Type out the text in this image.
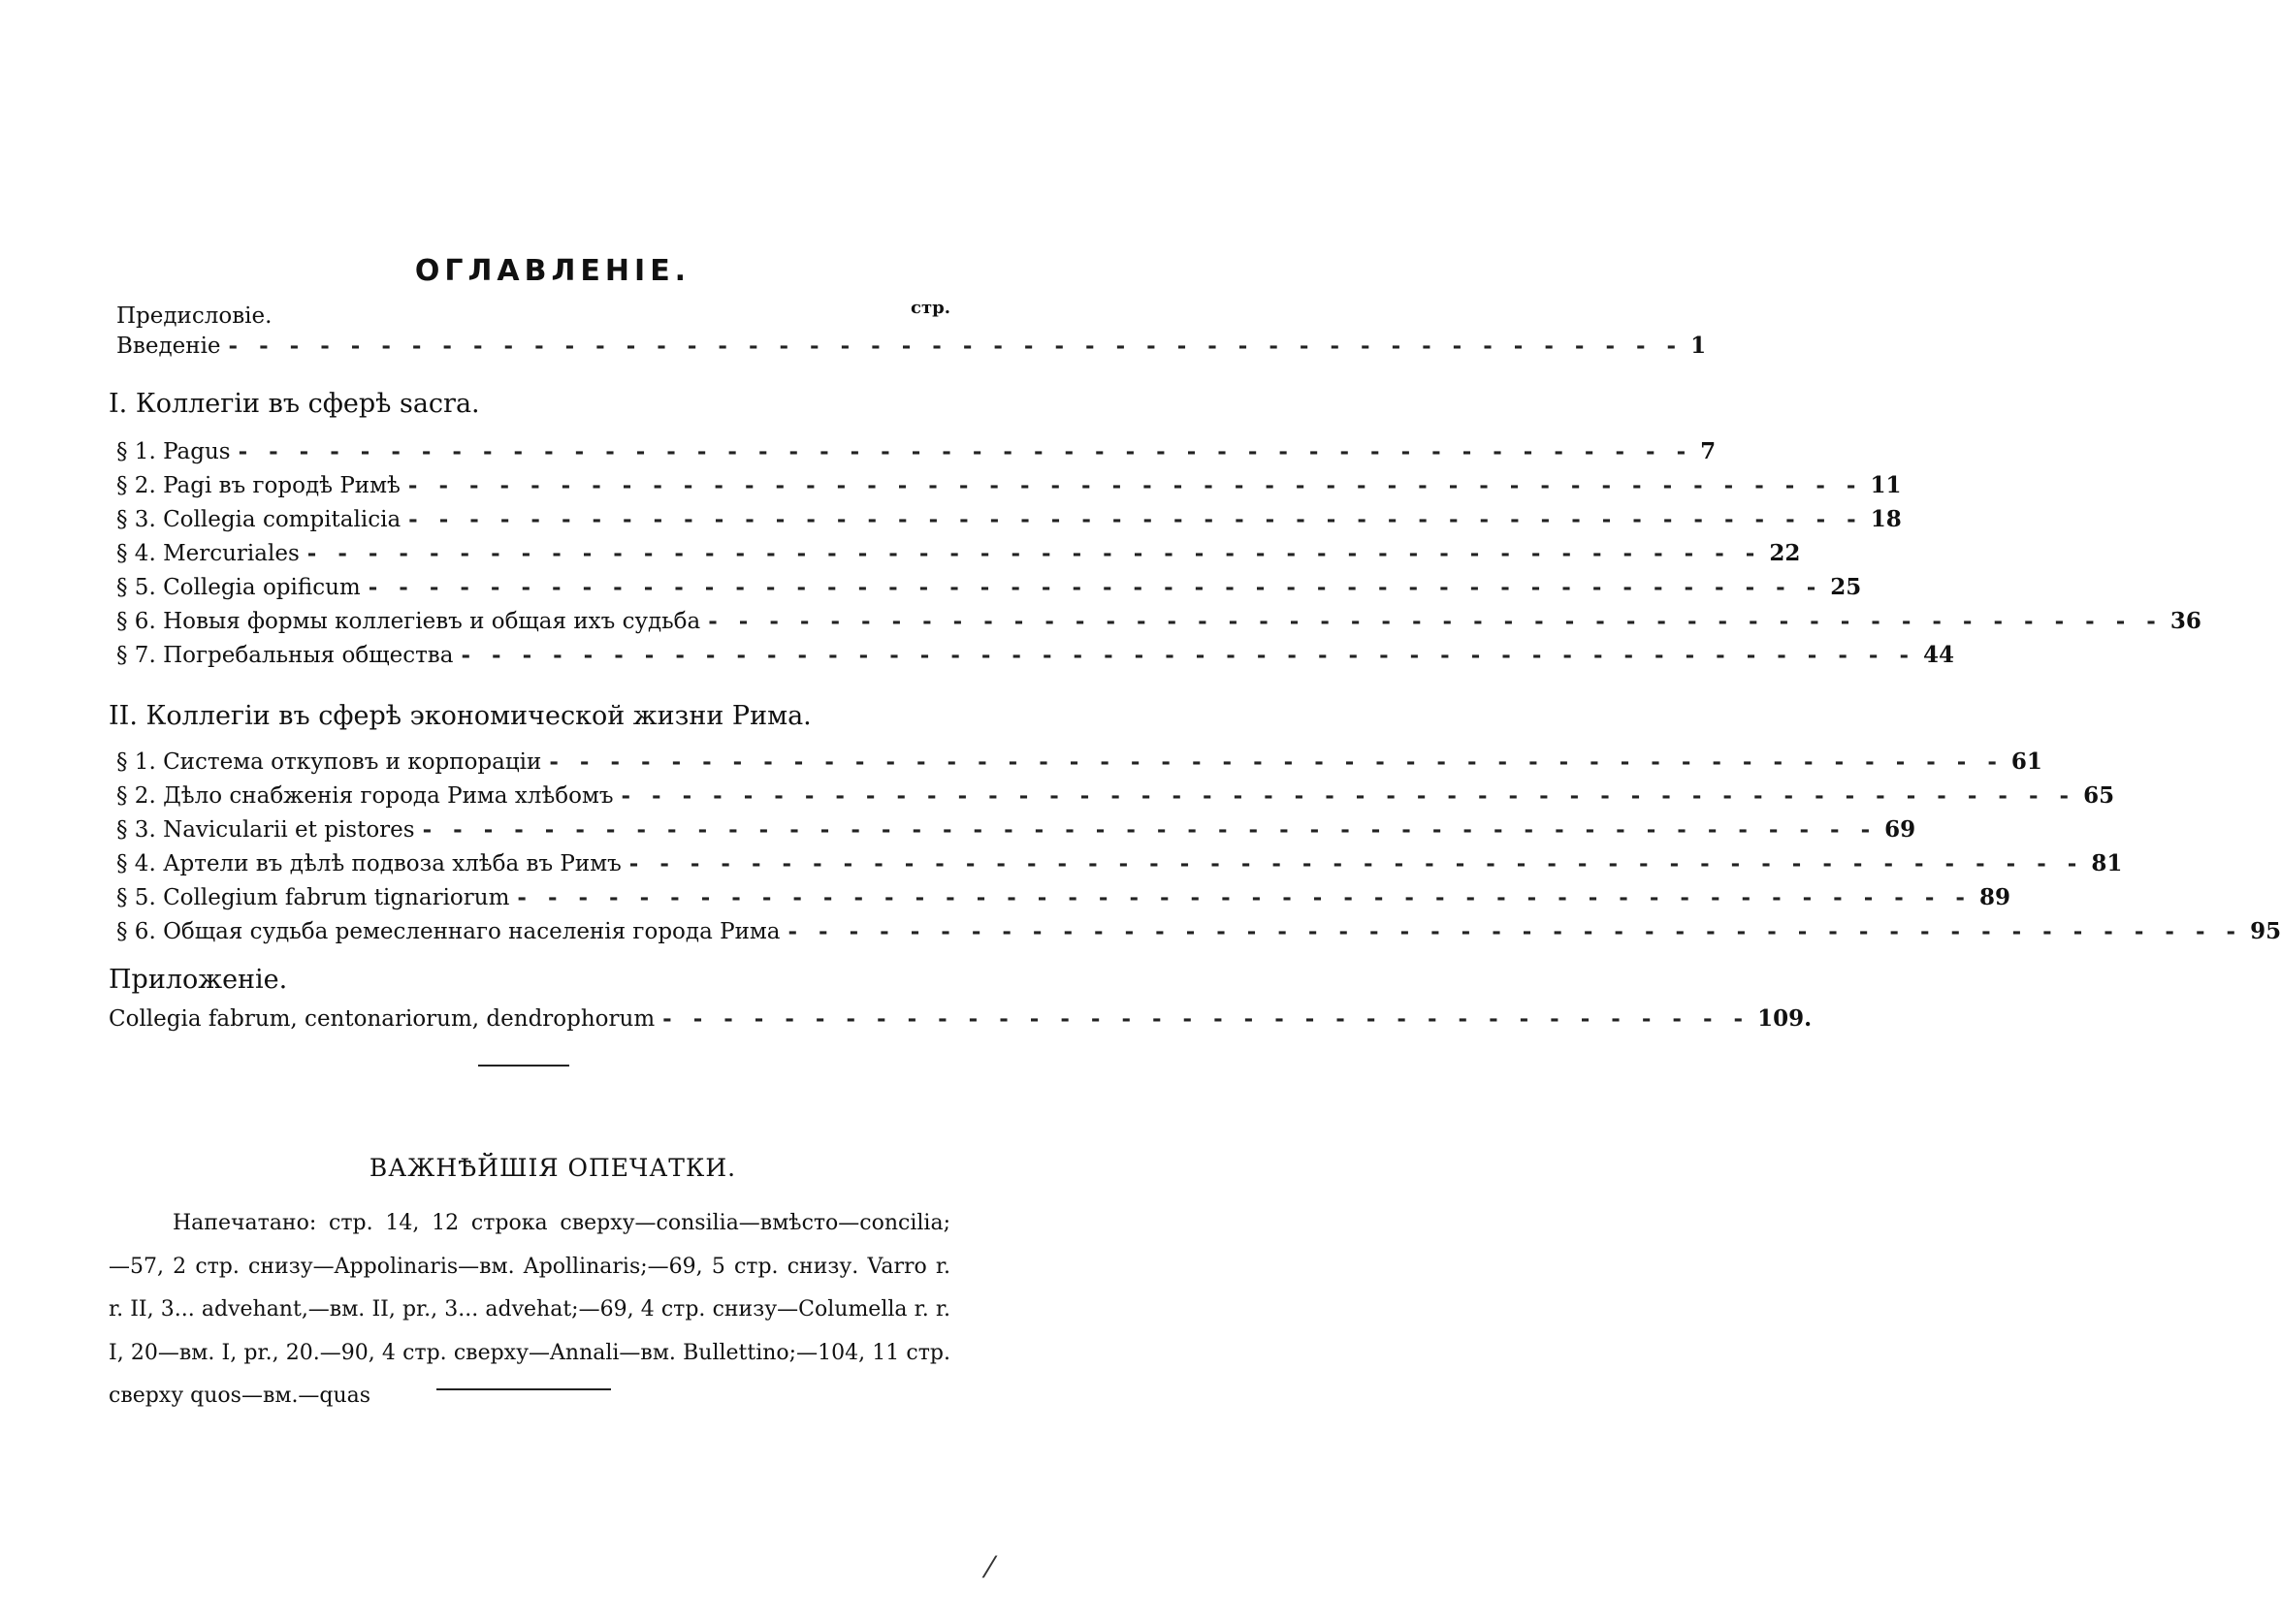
ОГЛАВЛЕНІЕ.
стр.
Предисловіе.
Введеніе - - - - - - - - - - - - - - - - - - - - - - - - - - - - - - - - - - - - - - - - - - - - - - - - 1
I. Коллегіи въ сферѣ sacra.
§ 1. Pagus - - - - - - - - - - - - - - - - - - - - - - - - - - - - - - - - - - - - - - - - - - - - - - - - 7
§ 2. Pagi въ городѣ Римѣ - - - - - - - - - - - - - - - - - - - - - - - - - - - - - - - - - - - - - - - - - - - - - - - - 11
§ 3. Collegia compitalicia - - - - - - - - - - - - - - - - - - - - - - - - - - - - - - - - - - - - - - - - - - - - - - - - 18
§ 4. Mercuriales - - - - - - - - - - - - - - - - - - - - - - - - - - - - - - - - - - - - - - - - - - - - - - - - 22
§ 5. Collegia opificum - - - - - - - - - - - - - - - - - - - - - - - - - - - - - - - - - - - - - - - - - - - - - - - - 25
§ 6. Новыя формы коллегіевъ и общая ихъ судьба - - - - - - - - - - - - - - - - - - - - - - - - - - - - - - - - - - - - - - - - - - - - - - - - 36
§ 7. Погребальныя общества - - - - - - - - - - - - - - - - - - - - - - - - - - - - - - - - - - - - - - - - - - - - - - - - 44
II. Коллегіи въ сферѣ экономической жизни Рима.
§ 1. Система откуповъ и корпораціи - - - - - - - - - - - - - - - - - - - - - - - - - - - - - - - - - - - - - - - - - - - - - - - - 61
§ 2. Дѣло снабженія города Рима хлѣбомъ - - - - - - - - - - - - - - - - - - - - - - - - - - - - - - - - - - - - - - - - - - - - - - - - 65
§ 3. Navicularii et pistores - - - - - - - - - - - - - - - - - - - - - - - - - - - - - - - - - - - - - - - - - - - - - - - - 69
§ 4. Артели въ дѣлѣ подвоза хлѣба въ Римъ - - - - - - - - - - - - - - - - - - - - - - - - - - - - - - - - - - - - - - - - - - - - - - - - 81
§ 5. Collegium fabrum tignariorum - - - - - - - - - - - - - - - - - - - - - - - - - - - - - - - - - - - - - - - - - - - - - - - - 89
§ 6. Общая судьба ремесленнаго населенія города Рима - - - - - - - - - - - - - - - - - - - - - - - - - - - - - - - - - - - - - - - - - - - - - - - - 95
Приложеніе.
Collegia fabrum, centonariorum, dendrophorum - - - - - - - - - - - - - - - - - - - - - - - - - - - - - - - - - - - - 109.
ВАЖНѢЙШІЯ ОПЕЧАТКИ.
Напечатано: стр. 14, 12 строка сверху—consilia—вмѣсто—concilia; —57, 2 стр. снизу—Appolinaris—вм. Apollinaris;—69, 5 стр. снизу. Varro r. r. II, 3... advehant,—вм. II, pr., 3... advehat;—69, 4 стр. снизу—Columella r. r. I, 20—вм. I, pr., 20.—90, 4 стр. сверху—Annali—вм. Bullettino;—104, 11 стр. сверху quos—вм.—quas
⁄
